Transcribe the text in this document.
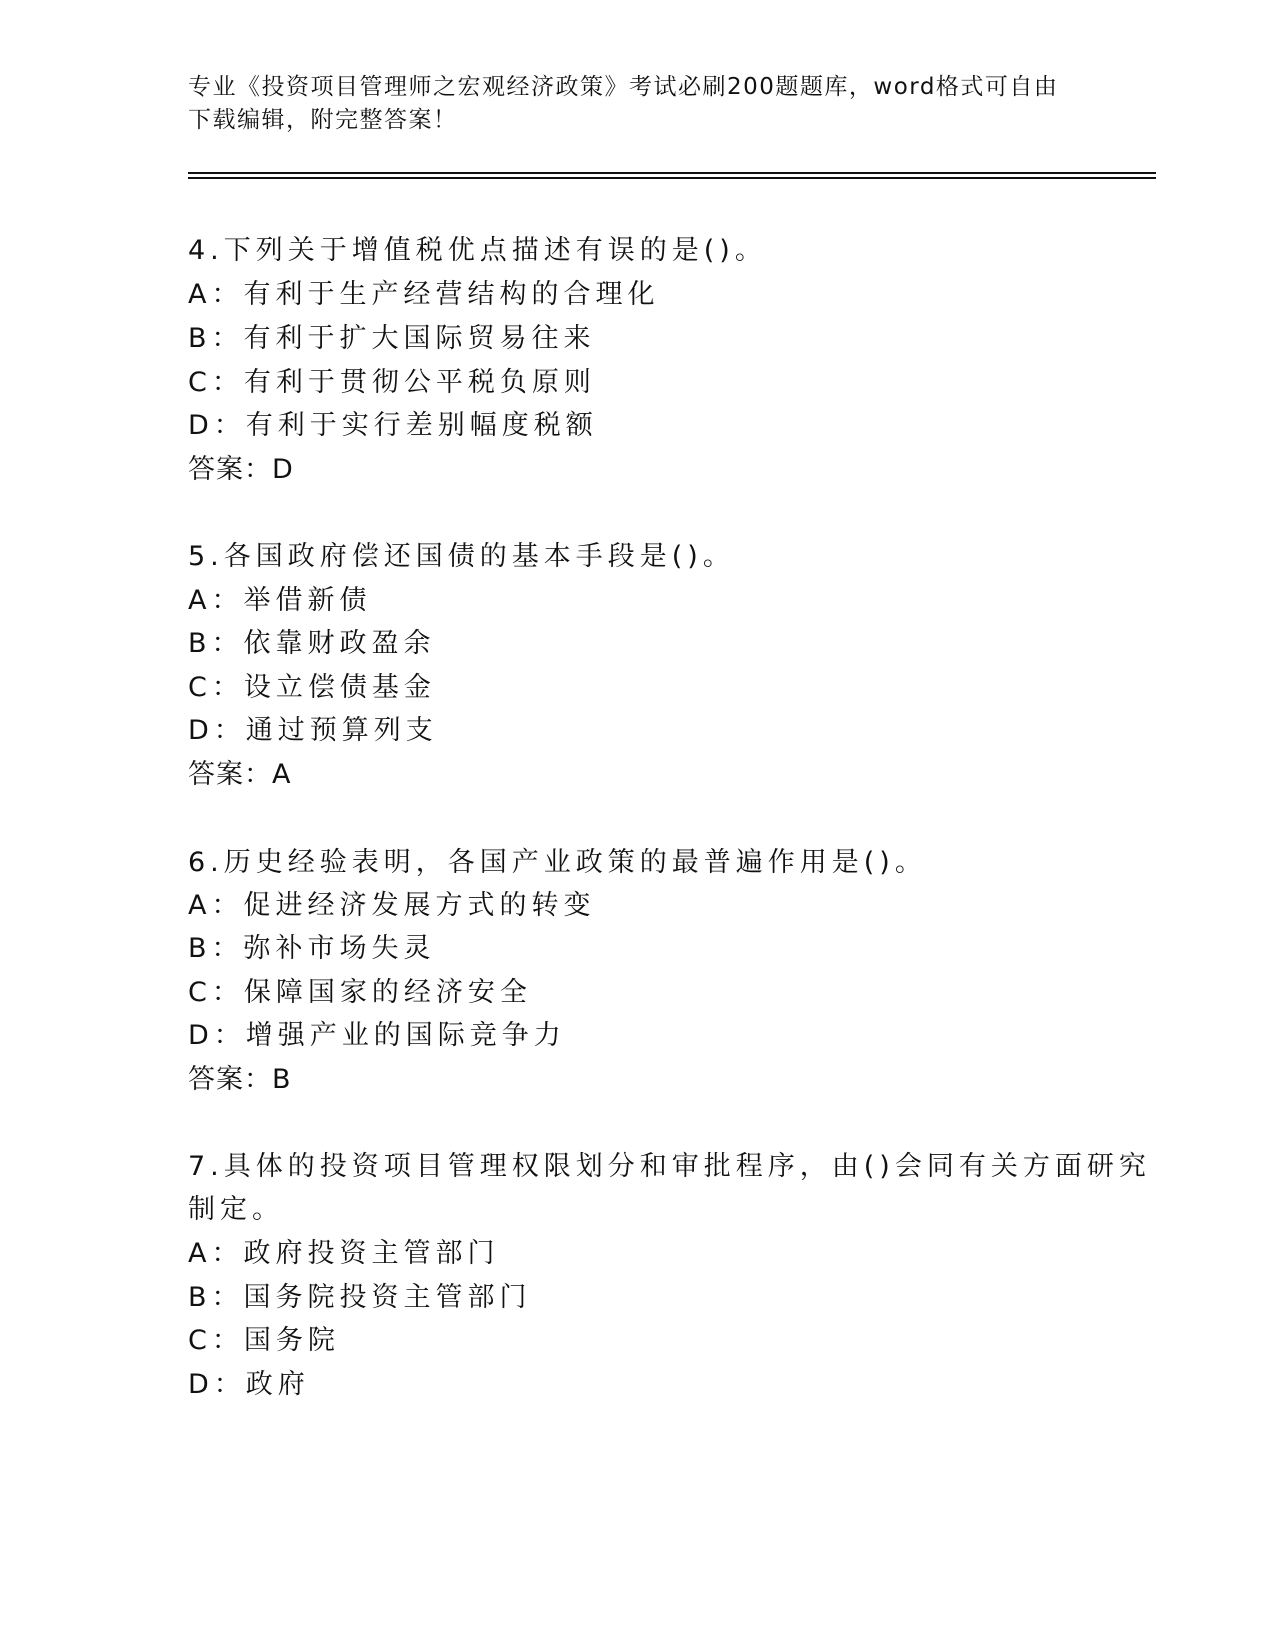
专业《投资项目管理师之宏观经济政策》考试必刷200题题库，word格式可自由
下载编辑，附完整答案！
4.下列关于增值税优点描述有误的是()。
A：有利于生产经营结构的合理化
B：有利于扩大国际贸易往来
C：有利于贯彻公平税负原则
D：有利于实行差别幅度税额
答案：D
5.各国政府偿还国债的基本手段是()。
A：举借新债
B：依靠财政盈余
C：设立偿债基金
D：通过预算列支
答案：A
6.历史经验表明，各国产业政策的最普遍作用是()。
A：促进经济发展方式的转变
B：弥补市场失灵
C：保障国家的经济安全
D：增强产业的国际竞争力
答案：B
7.具体的投资项目管理权限划分和审批程序，由()会同有关方面研究
制定。
A：政府投资主管部门
B：国务院投资主管部门
C：国务院
D：政府
